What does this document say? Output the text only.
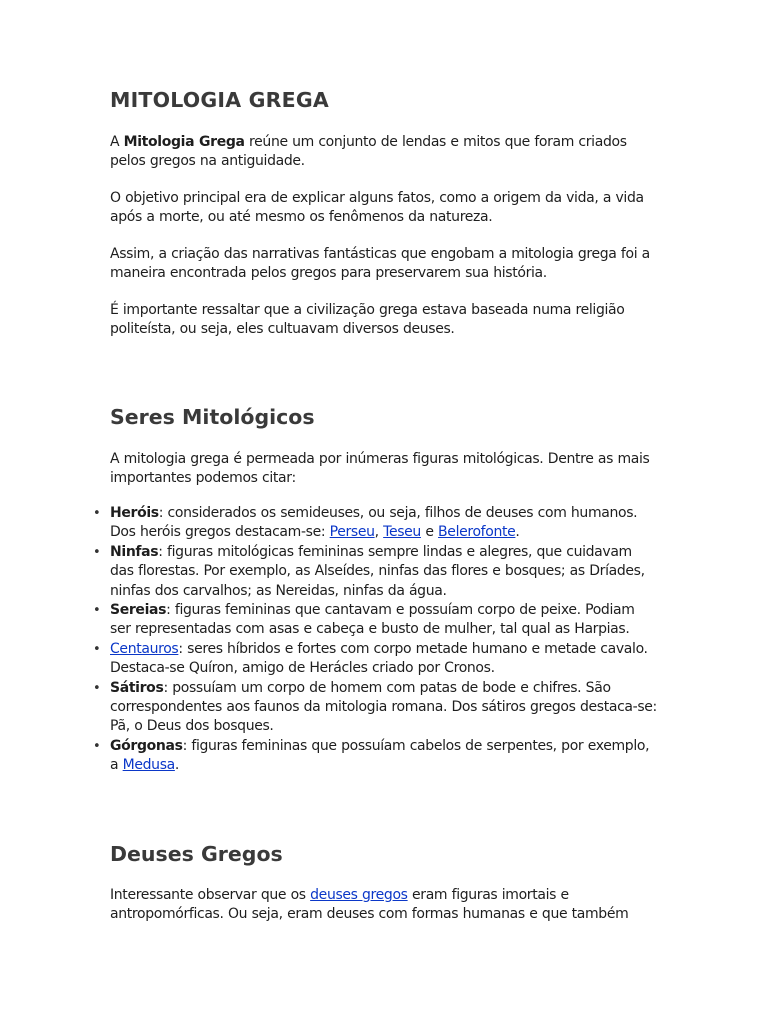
MITOLOGIA GREGA

A Mitologia Grega reúne um conjunto de lendas e mitos que foram criados pelos gregos na antiguidade.

O objetivo principal era de explicar alguns fatos, como a origem da vida, a vida após a morte, ou até mesmo os fenômenos da natureza.

Assim, a criação das narrativas fantásticas que engobam a mitologia grega foi a maneira encontrada pelos gregos para preservarem sua história.

É importante ressaltar que a civilização grega estava baseada numa religião politeísta, ou seja, eles cultuavam diversos deuses.

Seres Mitológicos

A mitologia grega é permeada por inúmeras figuras mitológicas. Dentre as mais importantes podemos citar:

• Heróis: considerados os semideuses, ou seja, filhos de deuses com humanos. Dos heróis gregos destacam-se: Perseu, Teseu e Belerofonte.
• Ninfas: figuras mitológicas femininas sempre lindas e alegres, que cuidavam das florestas. Por exemplo, as Alseídes, ninfas das flores e bosques; as Dríades, ninfas dos carvalhos; as Nereidas, ninfas da água.
• Sereias: figuras femininas que cantavam e possuíam corpo de peixe. Podiam ser representadas com asas e cabeça e busto de mulher, tal qual as Harpias.
• Centauros: seres híbridos e fortes com corpo metade humano e metade cavalo. Destaca-se Quíron, amigo de Herácles criado por Cronos.
• Sátiros: possuíam um corpo de homem com patas de bode e chifres. São correspondentes aos faunos da mitologia romana. Dos sátiros gregos destaca-se: Pã, o Deus dos bosques.
• Górgonas: figuras femininas que possuíam cabelos de serpentes, por exemplo, a Medusa.
Deuses Gregos

Interessante observar que os deuses gregos eram figuras imortais e antropomórficas. Ou seja, eram deuses com formas humanas e que também
